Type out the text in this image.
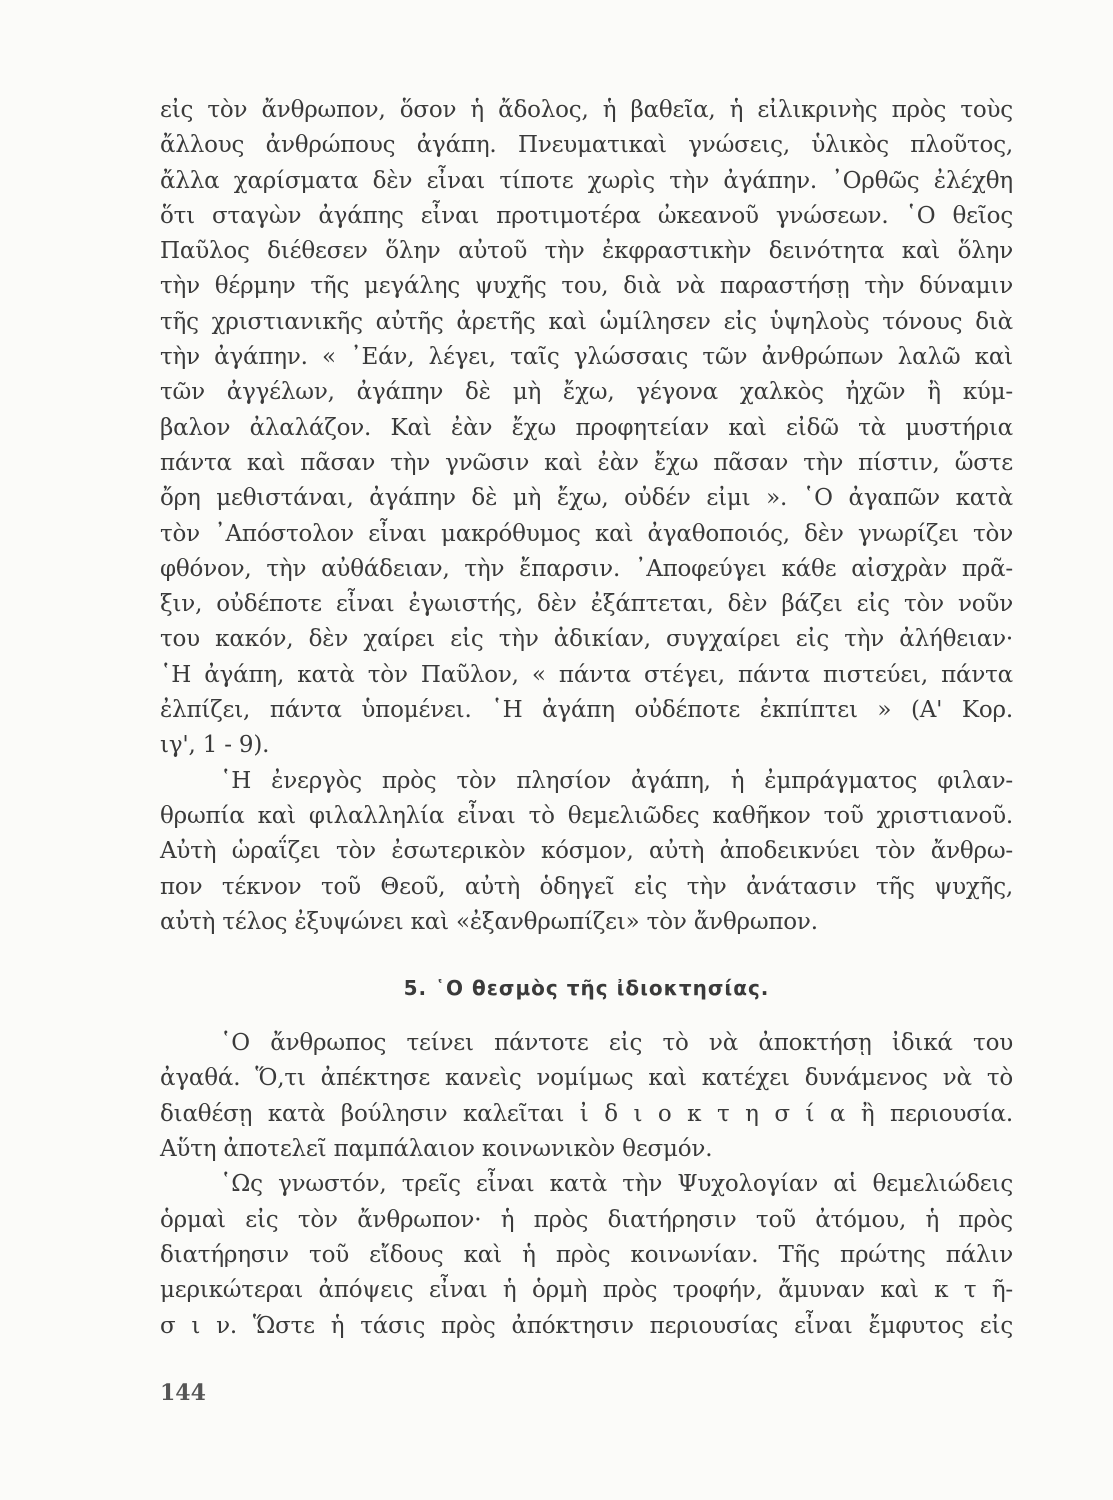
εἰς τὸν ἄνθρωπον, ὅσον ἡ ἄδολος, ἡ βαθεῖα, ἡ εἰλικρινὴς πρὸς τοὺς
ἄλλους ἀνθρώπους ἀγάπη. Πνευματικαὶ γνώσεις, ὑλικὸς πλοῦτος,
ἄλλα χαρίσματα δὲν εἶναι τίποτε χωρὶς τὴν ἀγάπην. ᾿Ορθῶς ἐλέχθη
ὅτι σταγὼν ἀγάπης εἶναι προτιμοτέρα ὠκεανοῦ γνώσεων. ῾Ο θεῖος
Παῦλος διέθεσεν ὅλην αὐτοῦ τὴν ἐκφραστικὴν δεινότητα καὶ ὅλην
τὴν θέρμην τῆς μεγάλης ψυχῆς του, διὰ νὰ παραστήσῃ τὴν δύναμιν
τῆς χριστιανικῆς αὐτῆς ἀρετῆς καὶ ὡμίλησεν εἰς ὑψηλοὺς τόνους διὰ
τὴν ἀγάπην. « ᾿Εάν, λέγει, ταῖς γλώσσαις τῶν ἀνθρώπων λαλῶ καὶ
τῶν ἀγγέλων, ἀγάπην δὲ μὴ ἔχω, γέγονα χαλκὸς ἠχῶν ἢ κύμ-
βαλον ἀλαλάζον. Καὶ ἐὰν ἔχω προφητείαν καὶ εἰδῶ τὰ μυστήρια
πάντα καὶ πᾶσαν τὴν γνῶσιν καὶ ἐὰν ἔχω πᾶσαν τὴν πίστιν, ὥστε
ὄρη μεθιστάναι, ἀγάπην δὲ μὴ ἔχω, οὐδέν εἰμι ». ῾Ο ἀγαπῶν κατὰ
τὸν ᾿Απόστολον εἶναι μακρόθυμος καὶ ἀγαθοποιός, δὲν γνωρίζει τὸν
φθόνον, τὴν αὐθάδειαν, τὴν ἔπαρσιν. ᾿Αποφεύγει κάθε αἰσχρὰν πρᾶ-
ξιν, οὐδέποτε εἶναι ἐγωιστής, δὲν ἐξάπτεται, δὲν βάζει εἰς τὸν νοῦν
του κακόν, δὲν χαίρει εἰς τὴν ἀδικίαν, συγχαίρει εἰς τὴν ἀλήθειαν·
῾Η ἀγάπη, κατὰ τὸν Παῦλον, « πάντα στέγει, πάντα πιστεύει, πάντα
ἐλπίζει, πάντα ὑπομένει. ῾Η ἀγάπη οὐδέποτε ἐκπίπτει » (Α' Κορ.
ιγ', 1 - 9).
῾Η ἐνεργὸς πρὸς τὸν πλησίον ἀγάπη, ἡ ἐμπράγματος φιλαν-
θρωπία καὶ φιλαλληλία εἶναι τὸ θεμελιῶδες καθῆκον τοῦ χριστιανοῦ.
Αὐτὴ ὡραΐζει τὸν ἐσωτερικὸν κόσμον, αὐτὴ ἀποδεικνύει τὸν ἄνθρω-
πον τέκνον τοῦ Θεοῦ, αὐτὴ ὁδηγεῖ εἰς τὴν ἀνάτασιν τῆς ψυχῆς,
αὐτὴ τέλος ἐξυψώνει καὶ «ἐξανθρωπίζει» τὸν ἄνθρωπον.
5. ῾Ο θεσμὸς τῆς ἰδιοκτησίας.
῾Ο ἄνθρωπος τείνει πάντοτε εἰς τὸ νὰ ἀποκτήσῃ ἰδικά του
ἀγαθά. Ὅ,τι ἀπέκτησε κανεὶς νομίμως καὶ κατέχει δυνάμενος νὰ τὸ
διαθέσῃ κατὰ βούλησιν καλεῖται ἰ δ ι ο κ τ η σ ί α ἢ περιουσία.
Αὕτη ἀποτελεῖ παμπάλαιον κοινωνικὸν θεσμόν.
῾Ως γνωστόν, τρεῖς εἶναι κατὰ τὴν Ψυχολογίαν αἱ θεμελιώδεις
ὁρμαὶ εἰς τὸν ἄνθρωπον· ἡ πρὸς διατήρησιν τοῦ ἀτόμου, ἡ πρὸς
διατήρησιν τοῦ εἴδους καὶ ἡ πρὸς κοινωνίαν. Τῆς πρώτης πάλιν
μερικώτεραι ἀπόψεις εἶναι ἡ ὁρμὴ πρὸς τροφήν, ἄμυναν καὶ κ τ ῆ-
σ ι ν. Ὥστε ἡ τάσις πρὸς ἀπόκτησιν περιουσίας εἶναι ἔμφυτος εἰς
144
